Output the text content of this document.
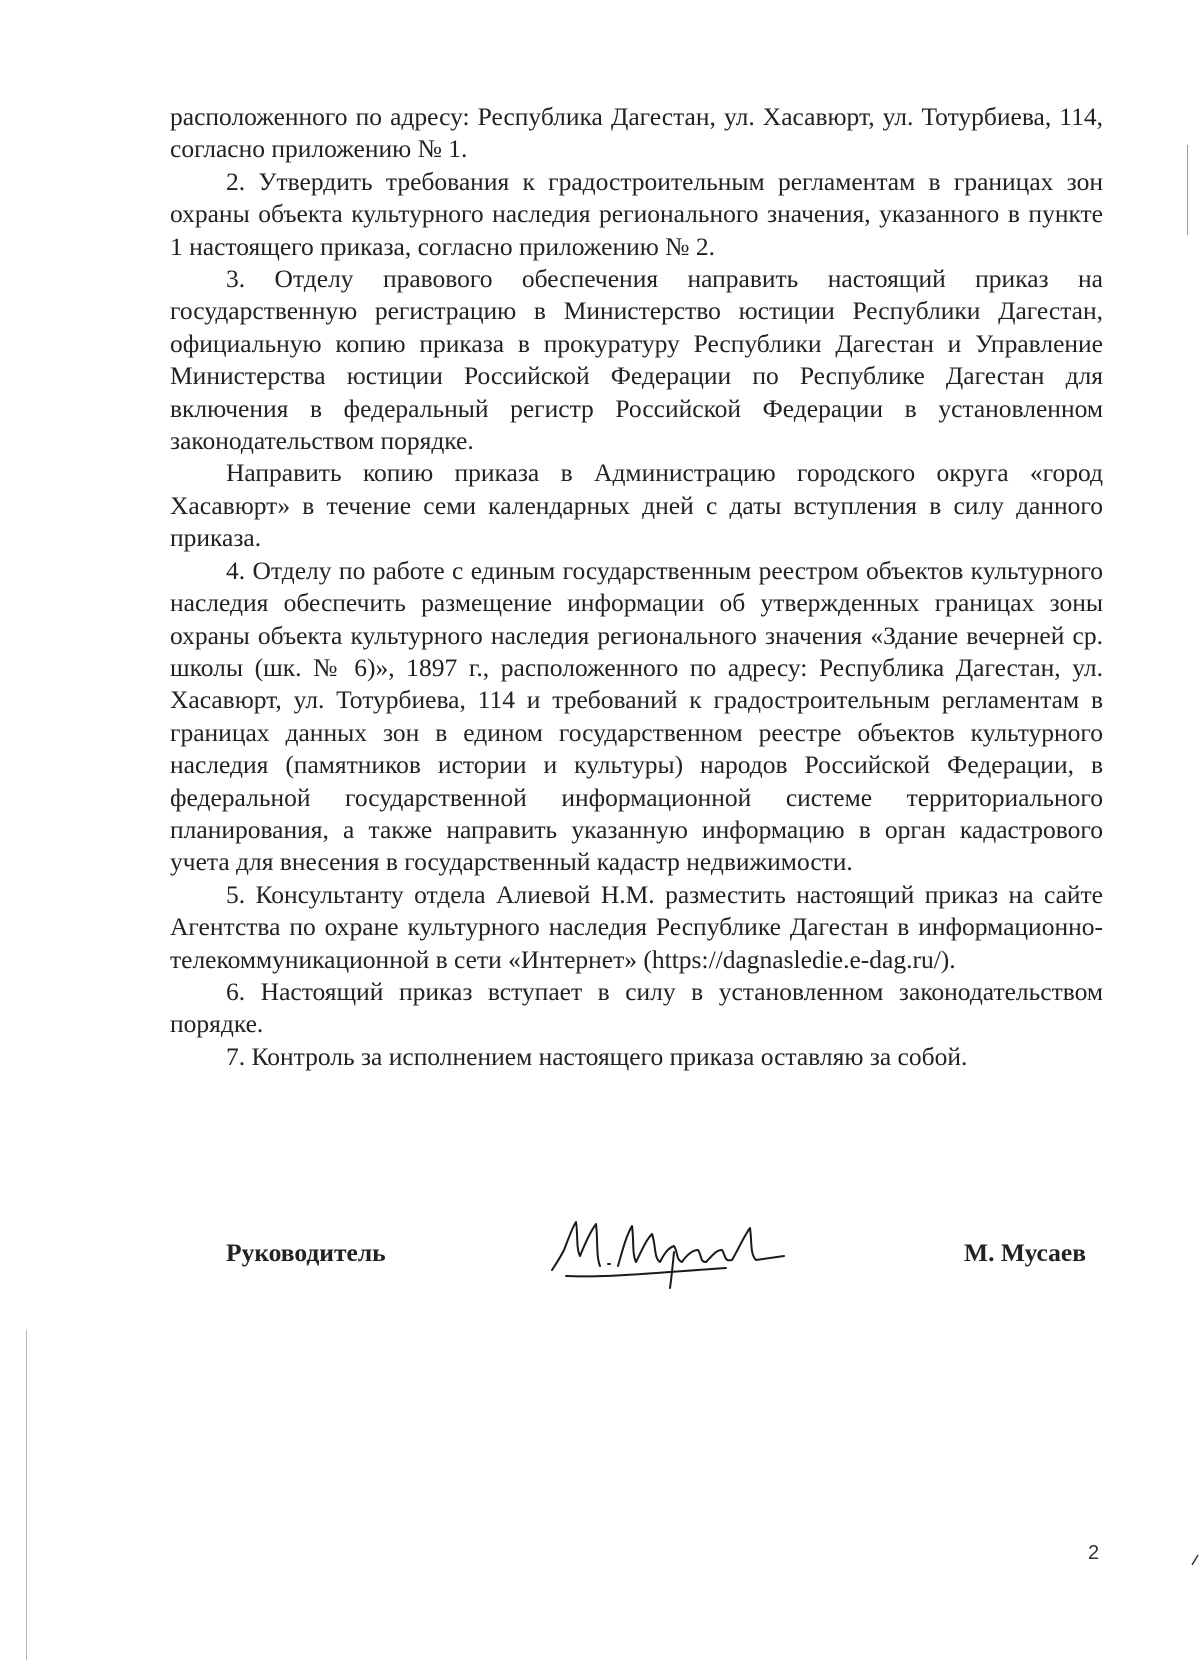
расположенного по адресу: Республика Дагестан, ул. Хасавюрт, ул. Тотурбиева, 114, согласно приложению № 1.

2. Утвердить требования к градостроительным регламентам в границах зон охраны объекта культурного наследия регионального значения, указанного в пункте 1 настоящего приказа, согласно приложению № 2.

3. Отделу правового обеспечения направить настоящий приказ на государственную регистрацию в Министерство юстиции Республики Дагестан, официальную копию приказа в прокуратуру Республики Дагестан и Управление Министерства юстиции Российской Федерации по Республике Дагестан для включения в федеральный регистр Российской Федерации в установленном законодательством порядке.

Направить копию приказа в Администрацию городского округа «город Хасавюрт» в течение семи календарных дней с даты вступления в силу данного приказа.

4. Отделу по работе с единым государственным реестром объектов культурного наследия обеспечить размещение информации об утвержденных границах зоны охраны объекта культурного наследия регионального значения «Здание вечерней ср. школы (шк. № 6)», 1897 г., расположенного по адресу: Республика Дагестан, ул. Хасавюрт, ул. Тотурбиева, 114 и требований к градостроительным регламентам в границах данных зон в едином государственном реестре объектов культурного наследия (памятников истории и культуры) народов Российской Федерации, в федеральной государственной информационной системе территориального планирования, а также направить указанную информацию в орган кадастрового учета для внесения в государственный кадастр недвижимости.

5. Консультанту отдела Алиевой Н.М. разместить настоящий приказ на сайте Агентства по охране культурного наследия Республике Дагестан в информационно-телекоммуникационной в сети «Интернет» (https://dagnasledie.e-dag.ru/).

6. Настоящий приказ вступает в силу в установленном законодательством порядке.

7. Контроль за исполнением настоящего приказа оставляю за собой.

Руководитель	М. Мусаев
2
